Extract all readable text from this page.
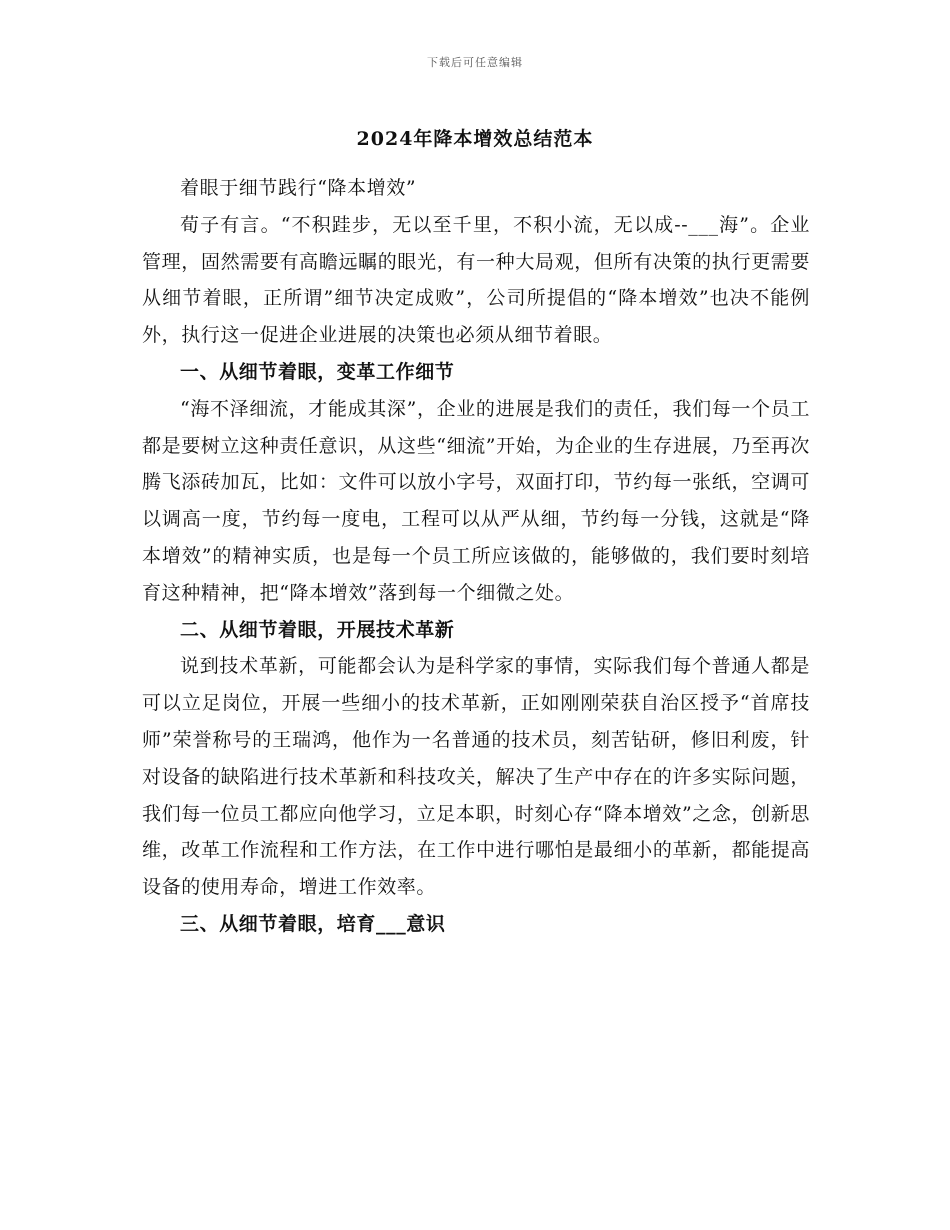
下载后可任意编辑
2024年降本增效总结范本

着眼于细节践行“降本增效”

荀子有言。“不积跬步，无以至千里，不积小流，无以成--___海”。企业管理，固然需要有高瞻远瞩的眼光，有一种大局观，但所有决策的执行更需要从细节着眼，正所谓”细节决定成败”，公司所提倡的“降本增效”也决不能例外，执行这一促进企业进展的决策也必须从细节着眼。

一、从细节着眼，变革工作细节

“海不泽细流，才能成其深”，企业的进展是我们的责任，我们每一个员工都是要树立这种责任意识，从这些“细流”开始，为企业的生存进展，乃至再次腾飞添砖加瓦，比如：文件可以放小字号，双面打印，节约每一张纸，空调可以调高一度，节约每一度电，工程可以从严从细，节约每一分钱，这就是“降本增效”的精神实质，也是每一个员工所应该做的，能够做的，我们要时刻培育这种精神，把“降本增效”落到每一个细微之处。

二、从细节着眼，开展技术革新

说到技术革新，可能都会认为是科学家的事情，实际我们每个普通人都是可以立足岗位，开展一些细小的技术革新，正如刚刚荣获自治区授予“首席技师”荣誉称号的王瑞鸿，他作为一名普通的技术员，刻苦钻研，修旧利废，针对设备的缺陷进行技术革新和科技攻关，解决了生产中存在的许多实际问题，我们每一位员工都应向他学习，立足本职，时刻心存“降本增效”之念，创新思维，改革工作流程和工作方法，在工作中进行哪怕是最细小的革新，都能提高设备的使用寿命，增进工作效率。

三、从细节着眼，培育___意识
